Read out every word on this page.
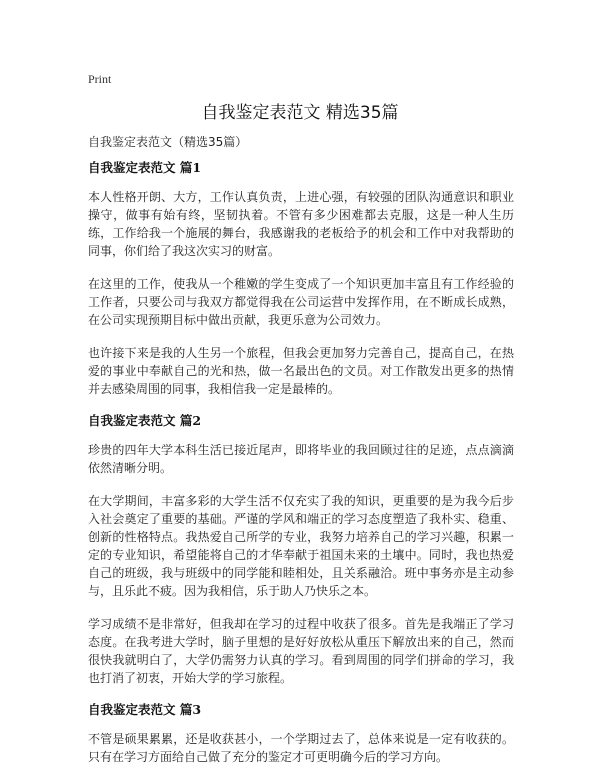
Print
自我鉴定表范文 精选35篇
自我鉴定表范文（精选35篇）
自我鉴定表范文 篇1

本人性格开朗、大方，工作认真负责，上进心强，有较强的团队沟通意识和职业操守，做事有始有终，坚韧执着。不管有多少困难都去克服，这是一种人生历练，工作给我一个施展的舞台，我感谢我的老板给予的机会和工作中对我帮助的同事，你们给了我这次实习的财富。

在这里的工作，使我从一个稚嫩的学生变成了一个知识更加丰富且有工作经验的工作者，只要公司与我双方都觉得我在公司运营中发挥作用，在不断成长成熟，在公司实现预期目标中做出贡献，我更乐意为公司效力。

也许接下来是我的人生另一个旅程，但我会更加努力完善自己，提高自己，在热爱的事业中奉献自己的光和热，做一名最出色的文员。对工作散发出更多的热情并去感染周围的同事，我相信我一定是最棒的。

自我鉴定表范文 篇2

珍贵的四年大学本科生活已接近尾声，即将毕业的我回顾过往的足迹，点点滴滴依然清晰分明。

在大学期间，丰富多彩的大学生活不仅充实了我的知识，更重要的是为我今后步入社会奠定了重要的基础。严谨的学风和端正的学习态度塑造了我朴实、稳重、创新的性格特点。我热爱自己所学的专业，我努力培养自己的学习兴趣，积累一定的专业知识，希望能将自己的才华奉献于祖国未来的土壤中。同时，我也热爱自己的班级，我与班级中的同学能和睦相处，且关系融洽。班中事务亦是主动参与，且乐此不疲。因为我相信，乐于助人乃快乐之本。

学习成绩不是非常好，但我却在学习的过程中收获了很多。首先是我端正了学习态度。在我考进大学时，脑子里想的是好好放松从重压下解放出来的自己，然而很快我就明白了，大学仍需努力认真的学习。看到周围的同学们拼命的学习，我也打消了初衷，开始大学的学习旅程。

自我鉴定表范文 篇3

不管是硕果累累，还是收获甚小，一个学期过去了，总体来说是一定有收获的。只有在学习方面给自己做了充分的鉴定才可更明确今后的学习方向。
